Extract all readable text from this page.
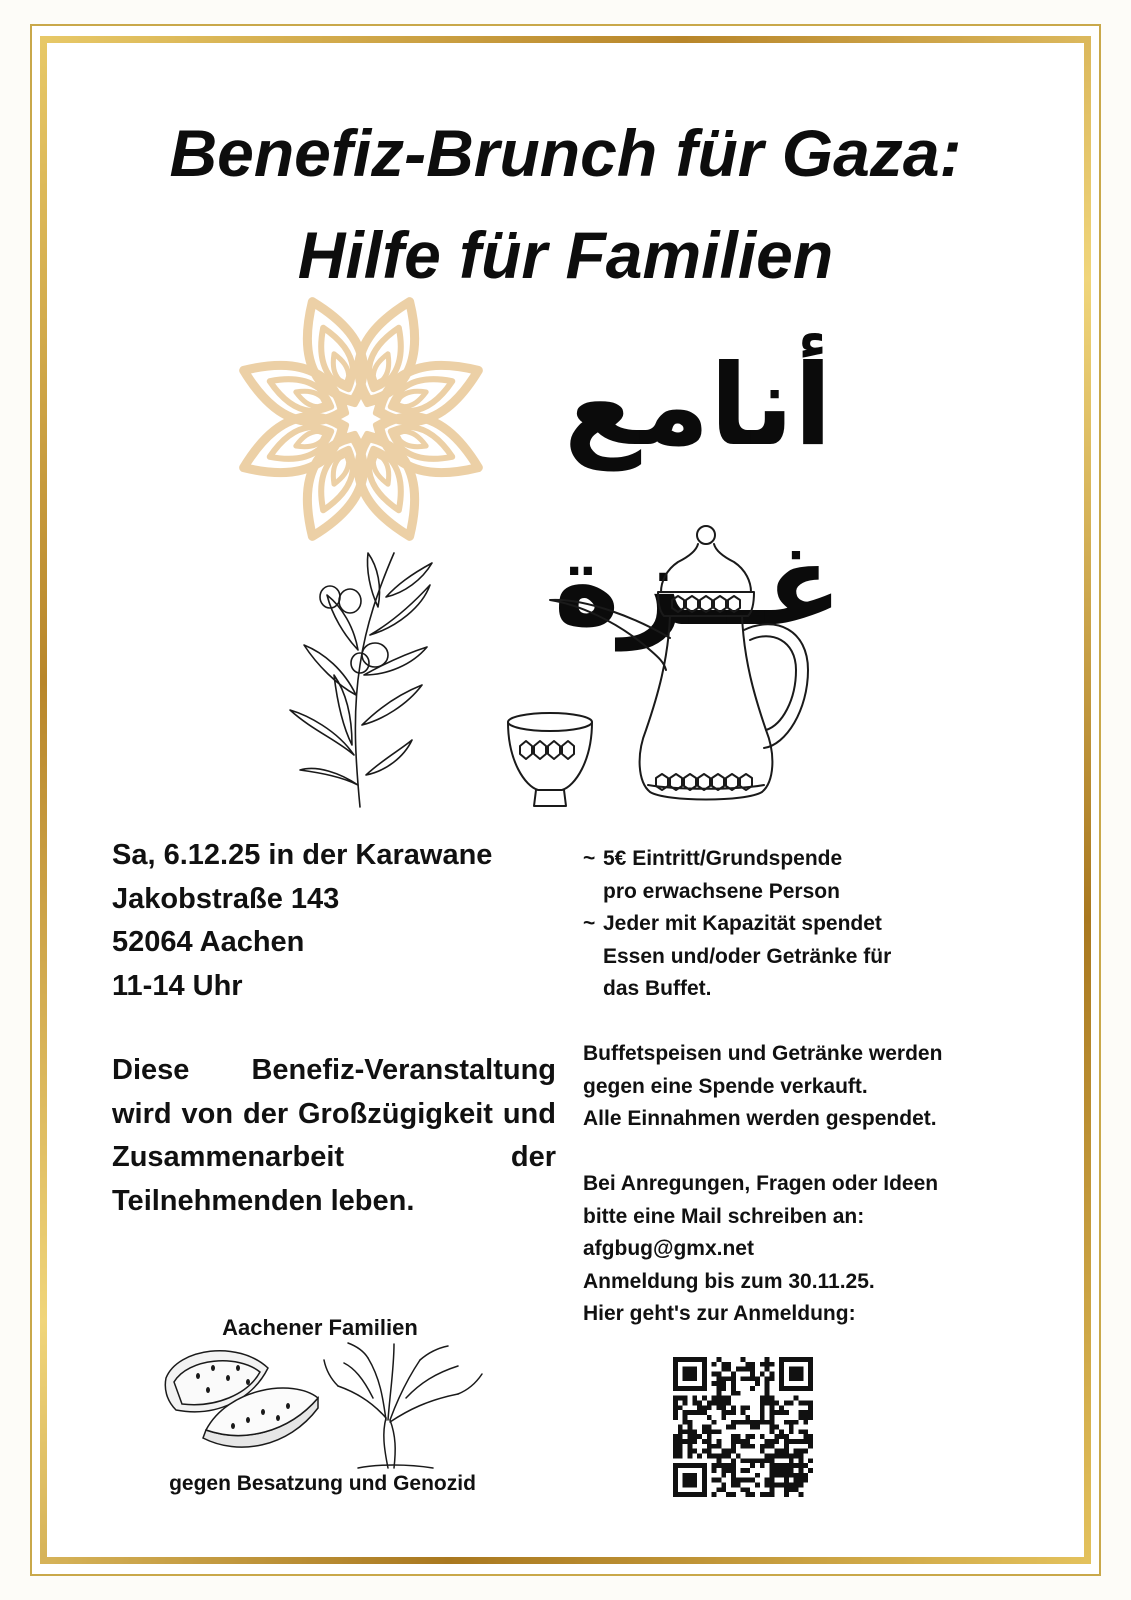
Benefiz-Brunch für Gaza:
Hilfe für Familien
أنامع غــزة
Sa, 6.12.25 in der Karawane
Jakobstraße 143
52064 Aachen
11-14 Uhr
Diese Benefiz-Veranstaltung wird von der Großzügigkeit und Zusammenarbeit der Teilnehmenden leben.
~ 5€ Eintritt/Grundspende
pro erwachsene Person
~ Jeder mit Kapazität spendet
Essen und/oder Getränke für
das Buffet.
Buffetspeisen und Getränke werden
gegen eine Spende verkauft.
Alle Einnahmen werden gespendet.
Bei Anregungen, Fragen oder Ideen
bitte eine Mail schreiben an:
afgbug@gmx.net
Anmeldung bis zum 30.11.25.
Hier geht's zur Anmeldung:
Aachener Familien
gegen Besatzung und Genozid
